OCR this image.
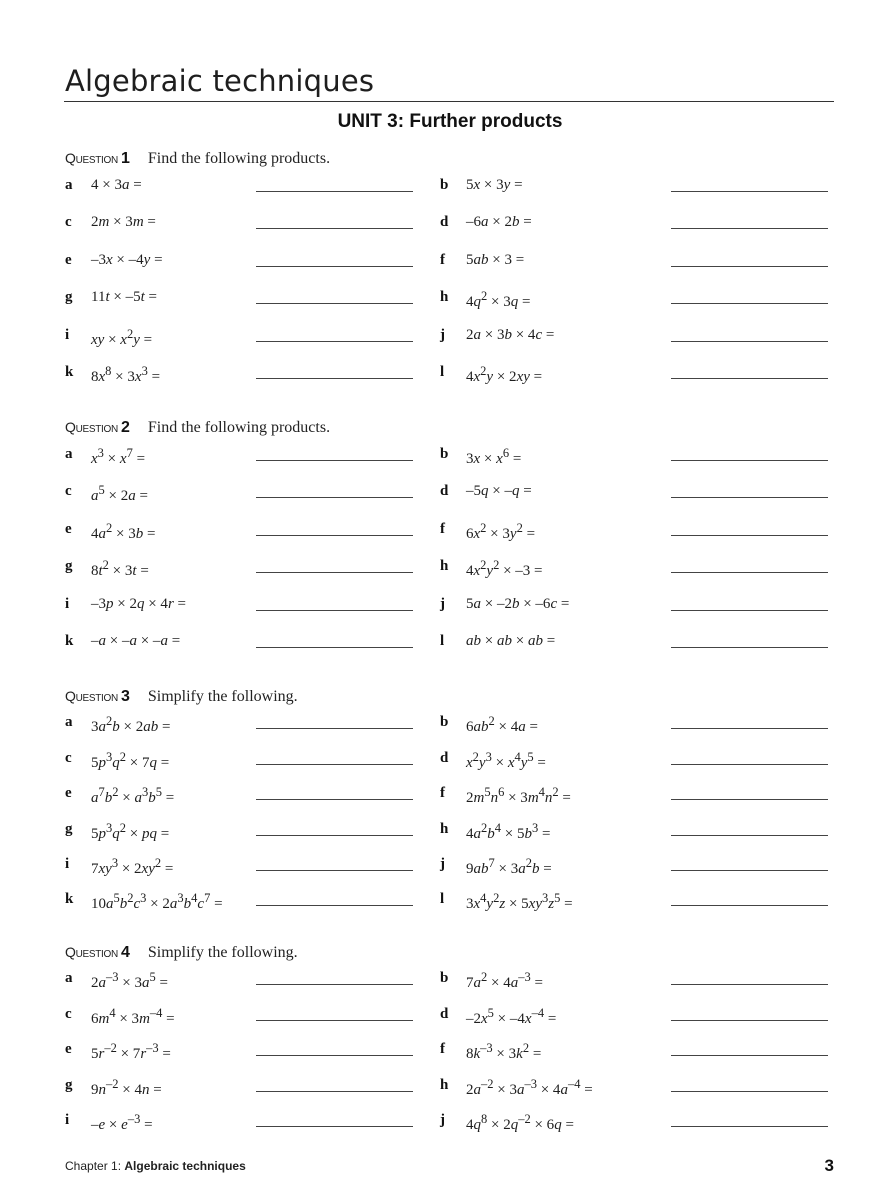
Algebraic techniques
UNIT 3: Further products
Question 1 Find the following products.
a 4 × 3a =	b 5x × 3y =
c 2m × 3m =	d –6a × 2b =
e –3x × –4y =	f 5ab × 3 =
g 11t × –5t =	h $4q^2 \times 3q$ =
i xy × $x^2y$ =	j 2a × 3b × 4c =
k $8x^8 \times 3x^3$ =	l $4x^2y \times 2xy$ =
Question 2 Find the following products.
a $x^3 \times x^7$ =	b $3x \times x^6$ =
c $a^5 \times 2a$ =	d –5q × –q =
e $4a^2 \times 3b$ =	f $6x^2 \times 3y^2$ =
g $8t^2 \times 3t$ =	h $4x^2y^2 \times -3$ =
i –3p × 2q × 4r =	j 5a × –2b × –6c =
k –a × –a × –a =	l ab × ab × ab =
Question 3 Simplify the following.
a $3a^2b \times 2ab$ =	b $6ab^2 \times 4a$ =
c $5p^3q^2 \times 7q$ =	d $x^2y^3 \times x^4y^5$ =
e $a^7b^2 \times a^3b^5$ =	f $2m^5n^6 \times 3m^4n^2$ =
g $5p^3q^2$ × pq =	h $4a^2b^4 \times 5b^3$ =
i $7xy^3 \times 2xy^2$ =	j $9ab^7 \times 3a^2b$ =
k $10a^5b^2c^3 \times 2a^3b^4c^7$ =	l $3x^4y^2z \times 5xy^3z^5$ =
Question 4 Simplify the following.
a $2a^{-3} \times 3a^5$ =	b $7a^2 \times 4a^{-3}$ =
c $6m^4 \times 3m^{-4}$ =	d $-2x^5 \times -4x^{-4}$ =
e $5r^{-2} \times 7r^{-3}$ =	f $8k^{-3} \times 3k^2$ =
g $9n^{-2} \times 4n$ =	h $2a^{-2} \times 3a^{-3} \times 4a^{-4}$ =
i $-e \times e^{-3}$ =	j $4q^8 \times 2q^{-2} \times 6q$ =
Chapter 1: Algebraic techniques	3
